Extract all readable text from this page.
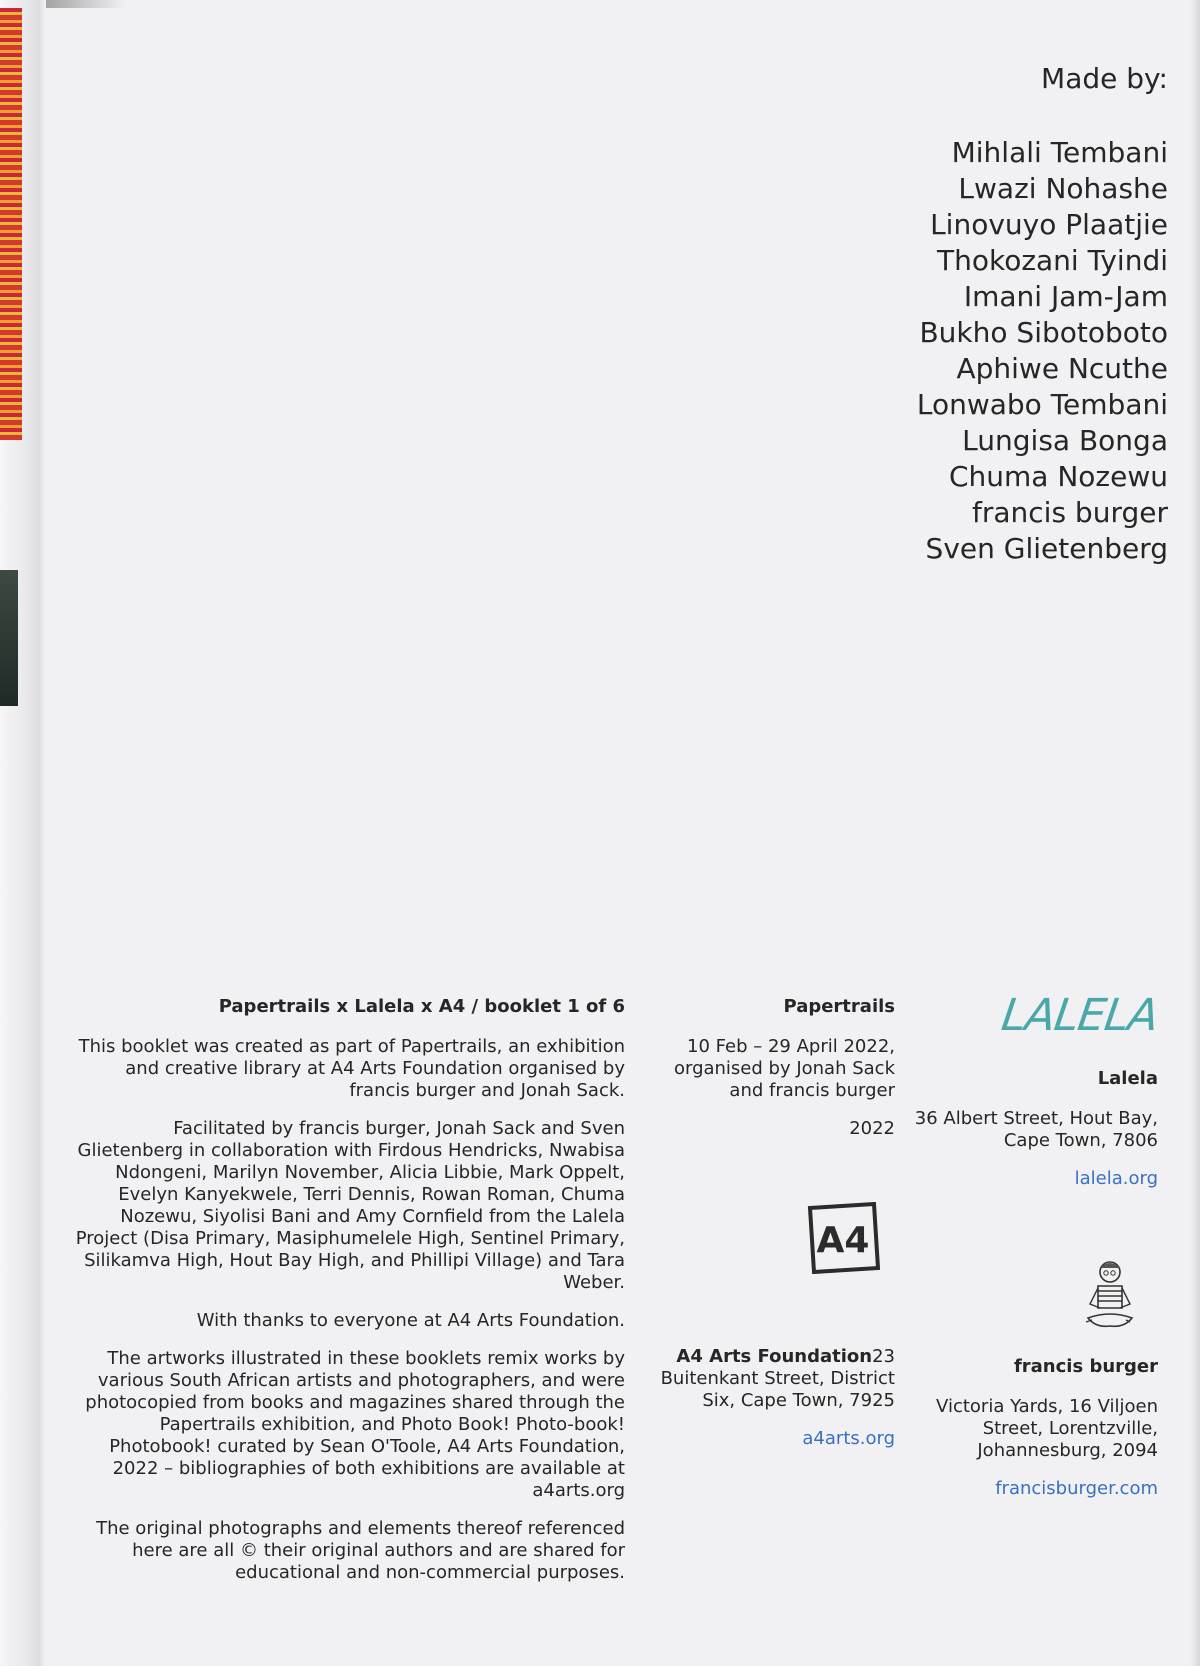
Made by:
Mihlali Tembani
Lwazi Nohashe
Linovuyo Plaatjie
Thokozani Tyindi
Imani Jam-Jam
Bukho Sibotoboto
Aphiwe Ncuthe
Lonwabo Tembani
Lungisa Bonga
Chuma Nozewu
francis burger
Sven Glietenberg

Papertrails x Lalela x A4 / booklet 1 of 6

This booklet was created as part of Papertrails, an exhibition and creative library at A4 Arts Foundation organised by francis burger and Jonah Sack.

Facilitated by francis burger, Jonah Sack and Sven Glietenberg in collaboration with Firdous Hendricks, Nwabisa Ndongeni, Marilyn November, Alicia Libbie, Mark Oppelt, Evelyn Kanyekwele, Terri Dennis, Rowan Roman, Chuma Nozewu, Siyolisi Bani and Amy Cornfield from the Lalela Project (Disa Primary, Masiphumelele High, Sentinel Primary, Silikamva High, Hout Bay High, and Phillipi Village) and Tara Weber.

With thanks to everyone at A4 Arts Foundation.

The artworks illustrated in these booklets remix works by various South African artists and photographers, and were photocopied from books and magazines shared through the Papertrails exhibition, and Photo Book! Photo-book! Photobook! curated by Sean O'Toole, A4 Arts Foundation, 2022 – bibliographies of both exhibitions are available at a4arts.org

The original photographs and elements thereof referenced here are all © their original authors and are shared for educational and non-commercial purposes.

Papertrails

10 Feb – 29 April 2022, organised by Jonah Sack and francis burger

2022

A4 Arts Foundation23 Buitenkant Street, District Six, Cape Town, 7925

a4arts.org

A4
LALELA

Lalela

36 Albert Street, Hout Bay, Cape Town, 7806

lalela.org

francis burger

Victoria Yards, 16 Viljoen Street, Lorentzville, Johannesburg, 2094

francisburger.com
